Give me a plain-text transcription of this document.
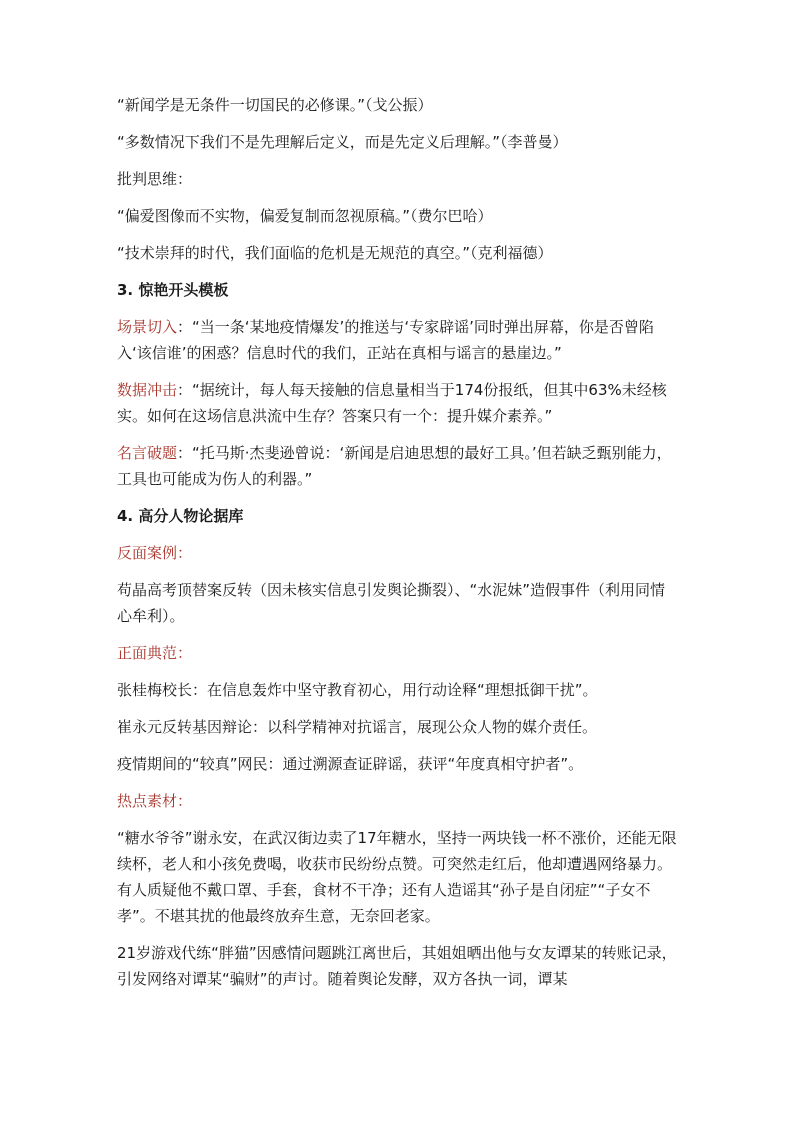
“新闻学是无条件一切国民的必修课。”（戈公振）

“多数情况下我们不是先理解后定义，而是先定义后理解。”（李普曼）

批判思维：

“偏爱图像而不实物，偏爱复制而忽视原稿。”（费尔巴哈）

“技术崇拜的时代，我们面临的危机是无规范的真空。”（克利福德）

3. 惊艳开头模板

场景切入：“当一条‘某地疫情爆发’的推送与‘专家辟谣’同时弹出屏幕，你是否曾陷入‘该信谁’的困惑？信息时代的我们，正站在真相与谣言的悬崖边。”

数据冲击：“据统计，每人每天接触的信息量相当于174份报纸，但其中63%未经核实。如何在这场信息洪流中生存？答案只有一个：提升媒介素养。”

名言破题：“托马斯·杰斐逊曾说：‘新闻是启迪思想的最好工具。’但若缺乏甄别能力，工具也可能成为伤人的利器。”

4. 高分人物论据库

反面案例：

苟晶高考顶替案反转（因未核实信息引发舆论撕裂）、“水泥妹”造假事件（利用同情心牟利）。

正面典范：

张桂梅校长：在信息轰炸中坚守教育初心，用行动诠释“理想抵御干扰”。

崔永元反转基因辩论：以科学精神对抗谣言，展现公众人物的媒介责任。

疫情期间的“较真”网民：通过溯源查证辟谣，获评“年度真相守护者”。

热点素材：

“糖水爷爷”谢永安，在武汉街边卖了17年糖水，坚持一两块钱一杯不涨价，还能无限续杯，老人和小孩免费喝，收获市民纷纷点赞。可突然走红后，他却遭遇网络暴力。有人质疑他不戴口罩、手套，食材不干净；还有人造谣其“孙子是自闭症”“子女不孝”。不堪其扰的他最终放弃生意，无奈回老家。

21岁游戏代练“胖猫”因感情问题跳江离世后，其姐姐晒出他与女友谭某的转账记录，引发网络对谭某“骗财”的声讨。随着舆论发酵，双方各执一词，谭某
